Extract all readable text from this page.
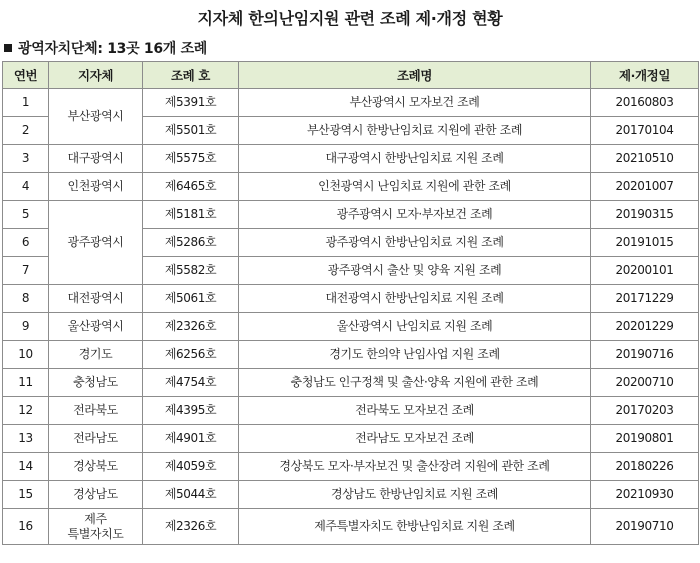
지자체 한의난임지원 관련 조례 제·개정 현황
광역자치단체: 13곳 16개 조례
연번	지자체	조례 호	조례명	제·개정일
1	부산광역시	제5391호	부산광역시 모자보건 조례	20160803
2		제5501호	부산광역시 한방난임치료 지원에 관한 조례	20170104
3	대구광역시	제5575호	대구광역시 한방난임치료 지원 조례	20210510
4	인천광역시	제6465호	인천광역시 난임치료 지원에 관한 조례	20201007
5	광주광역시	제5181호	광주광역시 모자·부자보건 조례	20190315
6		제5286호	광주광역시 한방난임치료 지원 조례	20191015
7		제5582호	광주광역시 출산 및 양육 지원 조례	20200101
8	대전광역시	제5061호	대전광역시 한방난임치료 지원 조례	20171229
9	울산광역시	제2326호	울산광역시 난임치료 지원 조례	20201229
10	경기도	제6256호	경기도 한의약 난임사업 지원 조례	20190716
11	충청남도	제4754호	충청남도 인구정책 및 출산·양육 지원에 관한 조례	20200710
12	전라북도	제4395호	전라북도 모자보건 조례	20170203
13	전라남도	제4901호	전라남도 모자보건 조례	20190801
14	경상북도	제4059호	경상북도 모자·부자보건 및 출산장려 지원에 관한 조례	20180226
15	경상남도	제5044호	경상남도 한방난임치료 지원 조례	20210930
16	제주
특별자치도	제2326호	제주특별자치도 한방난임치료 지원 조례	20190710
